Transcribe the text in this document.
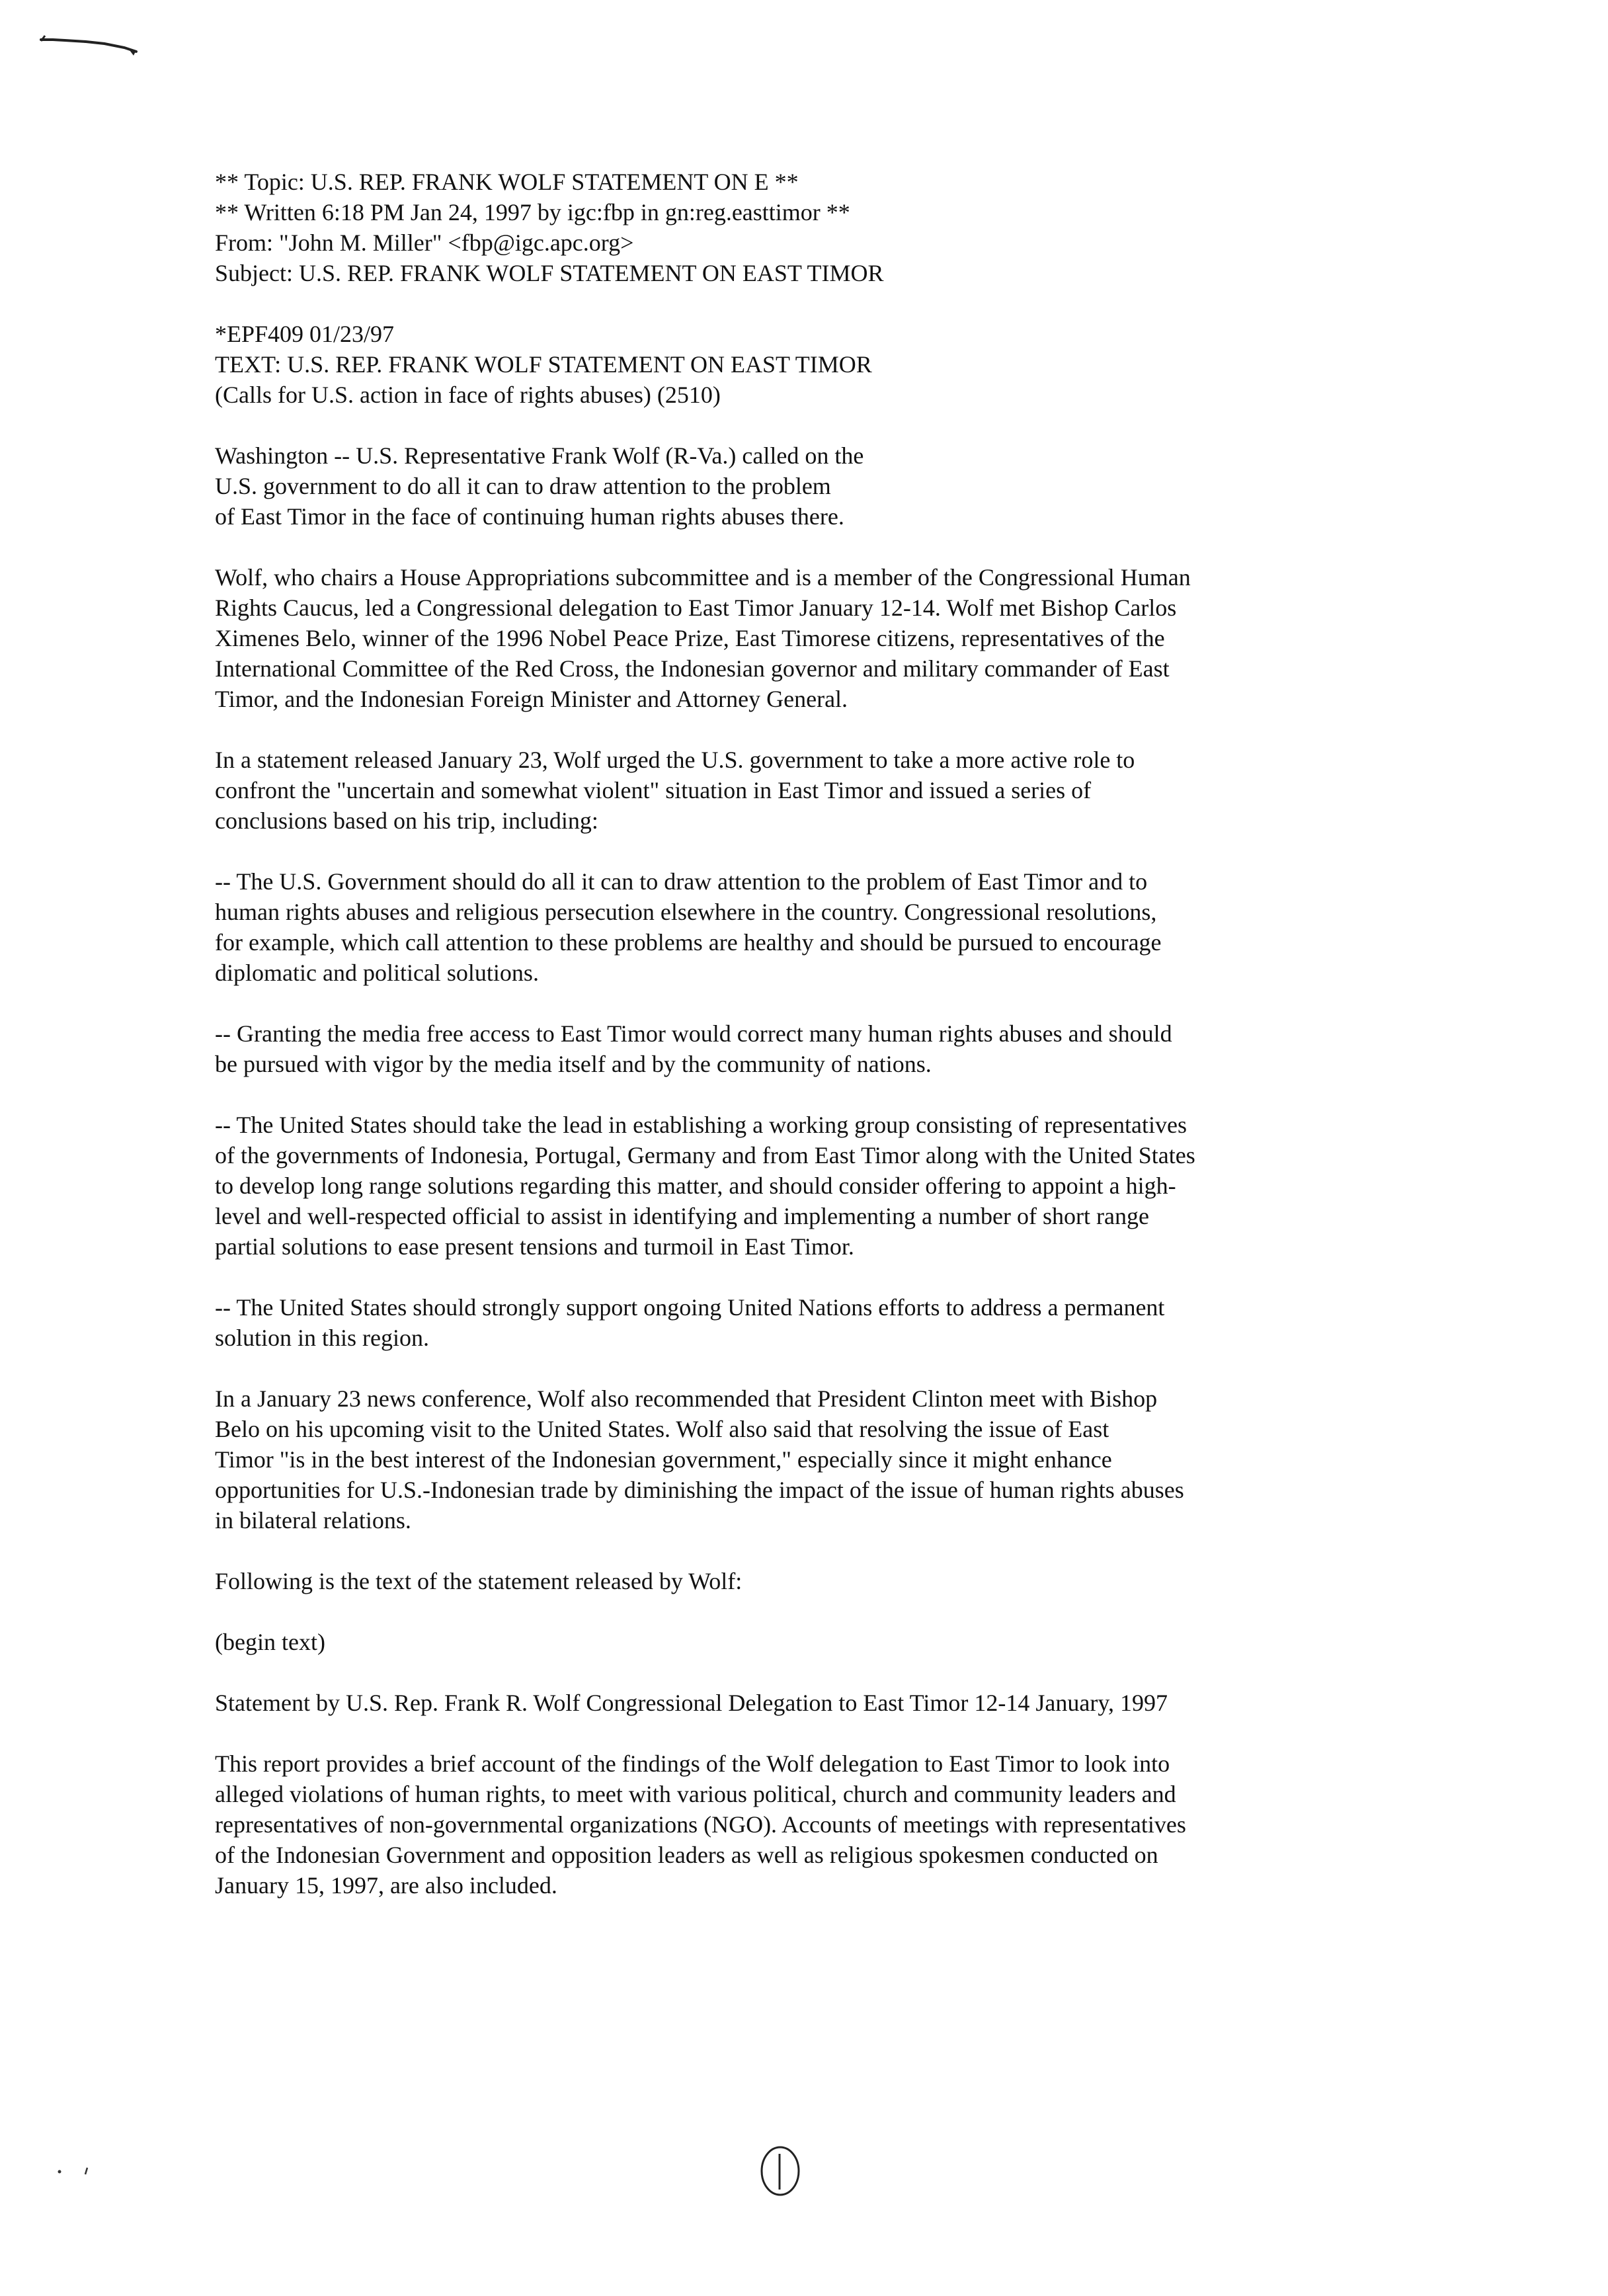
** Topic: U.S. REP. FRANK WOLF STATEMENT ON E **

** Written 6:18 PM Jan 24, 1997 by igc:fbp in gn:reg.easttimor **

From: "John M. Miller" <fbp@igc.apc.org>

Subject: U.S. REP. FRANK WOLF STATEMENT ON EAST TIMOR

*EPF409 01/23/97

TEXT: U.S. REP. FRANK WOLF STATEMENT ON EAST TIMOR

(Calls for U.S. action in face of rights abuses) (2510)

Washington -- U.S. Representative Frank Wolf (R-Va.) called on the
U.S. government to do all it can to draw attention to the problem
of East Timor in the face of continuing human rights abuses there.
Wolf, who chairs a House Appropriations subcommittee and is a member of the Congressional Human
Rights Caucus, led a Congressional delegation to East Timor January 12-14. Wolf met Bishop Carlos
Ximenes Belo, winner of the 1996 Nobel Peace Prize, East Timorese citizens, representatives of the
International Committee of the Red Cross, the Indonesian governor and military commander of East
Timor, and the Indonesian Foreign Minister and Attorney General.
In a statement released January 23, Wolf urged the U.S. government to take a more active role to
confront the "uncertain and somewhat violent" situation in East Timor and issued a series of
conclusions based on his trip, including:
-- The U.S. Government should do all it can to draw attention to the problem of East Timor and to
human rights abuses and religious persecution elsewhere in the country. Congressional resolutions,
for example, which call attention to these problems are healthy and should be pursued to encourage
diplomatic and political solutions.
-- Granting the media free access to East Timor would correct many human rights abuses and should
be pursued with vigor by the media itself and by the community of nations.
-- The United States should take the lead in establishing a working group consisting of representatives
of the governments of Indonesia, Portugal, Germany and from East Timor along with the United States
to develop long range solutions regarding this matter, and should consider offering to appoint a high-
level and well-respected official to assist in identifying and implementing a number of short range
partial solutions to ease present tensions and turmoil in East Timor.
-- The United States should strongly support ongoing United Nations efforts to address a permanent
solution in this region.
In a January 23 news conference, Wolf also recommended that President Clinton meet with Bishop
Belo on his upcoming visit to the United States. Wolf also said that resolving the issue of East
Timor "is in the best interest of the Indonesian government," especially since it might enhance
opportunities for U.S.-Indonesian trade by diminishing the impact of the issue of human rights abuses
in bilateral relations.
Following is the text of the statement released by Wolf:
(begin text)
Statement by U.S. Rep. Frank R. Wolf Congressional Delegation to East Timor 12-14 January, 1997
This report provides a brief account of the findings of the Wolf delegation to East Timor to look into
alleged violations of human rights, to meet with various political, church and community leaders and
representatives of non-governmental organizations (NGO). Accounts of meetings with representatives
of the Indonesian Government and opposition leaders as well as religious spokesmen conducted on
January 15, 1997, are also included.
